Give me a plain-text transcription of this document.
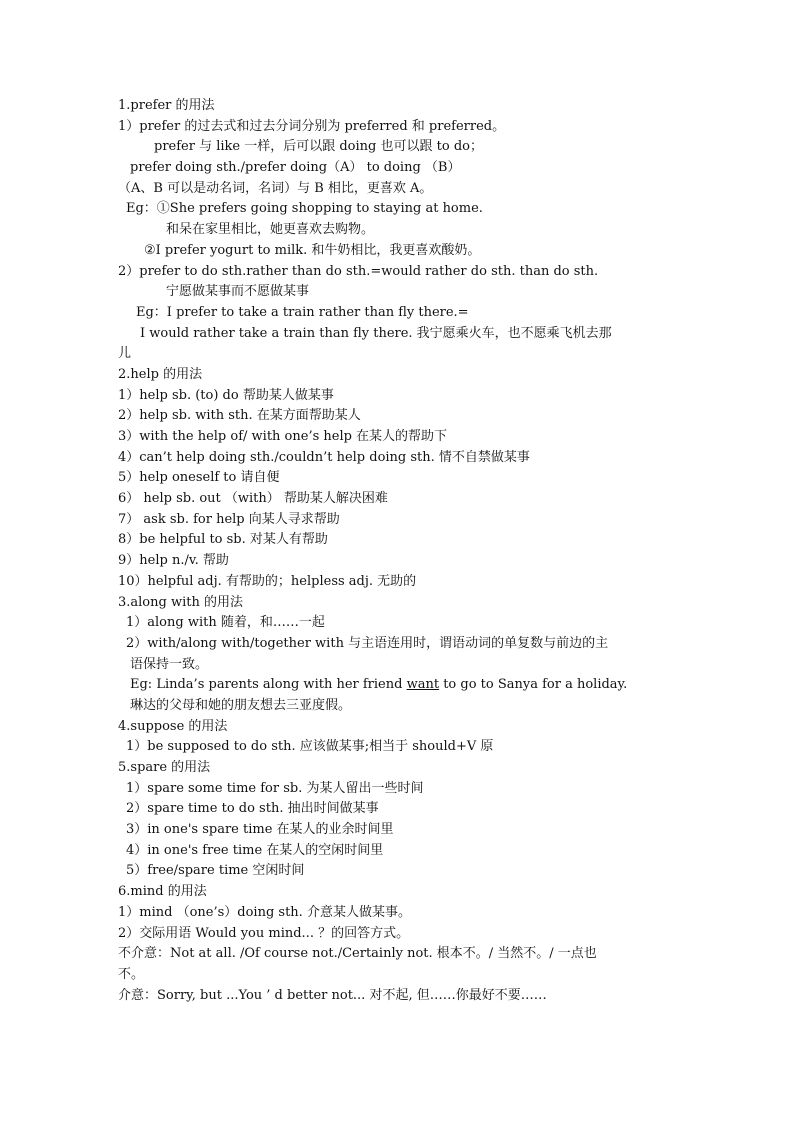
1.prefer 的用法
1）prefer 的过去式和过去分词分别为 preferred 和 preferred。
prefer 与 like 一样，后可以跟 doing 也可以跟 to do；
prefer doing sth./prefer doing（A） to doing （B）
（A、B 可以是动名词，名词）与 B 相比，更喜欢 A。
Eg：①She prefers going shopping to staying at home.
和呆在家里相比，她更喜欢去购物。
②I prefer yogurt to milk. 和牛奶相比，我更喜欢酸奶。
2）prefer to do sth.rather than do sth.=would rather do sth. than do sth.
宁愿做某事而不愿做某事
Eg：I prefer to take a train rather than fly there.=
I would rather take a train than fly there. 我宁愿乘火车，也不愿乘飞机去那
儿
2.help 的用法
1）help sb. (to) do 帮助某人做某事
2）help sb. with sth. 在某方面帮助某人
3）with the help of/ with one’s help 在某人的帮助下
4）can’t help doing sth./couldn’t help doing sth. 情不自禁做某事
5）help oneself to 请自便
6） help sb. out （with） 帮助某人解决困难
7） ask sb. for help 向某人寻求帮助
8）be helpful to sb. 对某人有帮助
9）help n./v. 帮助
10）helpful adj. 有帮助的；helpless adj. 无助的
3.along with 的用法
1）along with 随着，和……一起
2）with/along with/together with 与主语连用时，谓语动词的单复数与前边的主
语保持一致。
Eg: Linda’s parents along with her friend want to go to Sanya for a holiday.
琳达的父母和她的朋友想去三亚度假。
4.suppose 的用法
1）be supposed to do sth. 应该做某事;相当于 should+V 原
5.spare 的用法
1）spare some time for sb. 为某人留出一些时间
2）spare time to do sth. 抽出时间做某事
3）in one's spare time 在某人的业余时间里
4）in one's free time 在某人的空闲时间里
5）free/spare time 空闲时间
6.mind 的用法
1）mind （one’s）doing sth. 介意某人做某事。
2）交际用语 Would you mind... ？的回答方式。
不介意：Not at all. /Of course not./Certainly not. 根本不。/ 当然不。/ 一点也
不。
介意：Sorry, but ...You ’ d better not... 对不起, 但……你最好不要……
